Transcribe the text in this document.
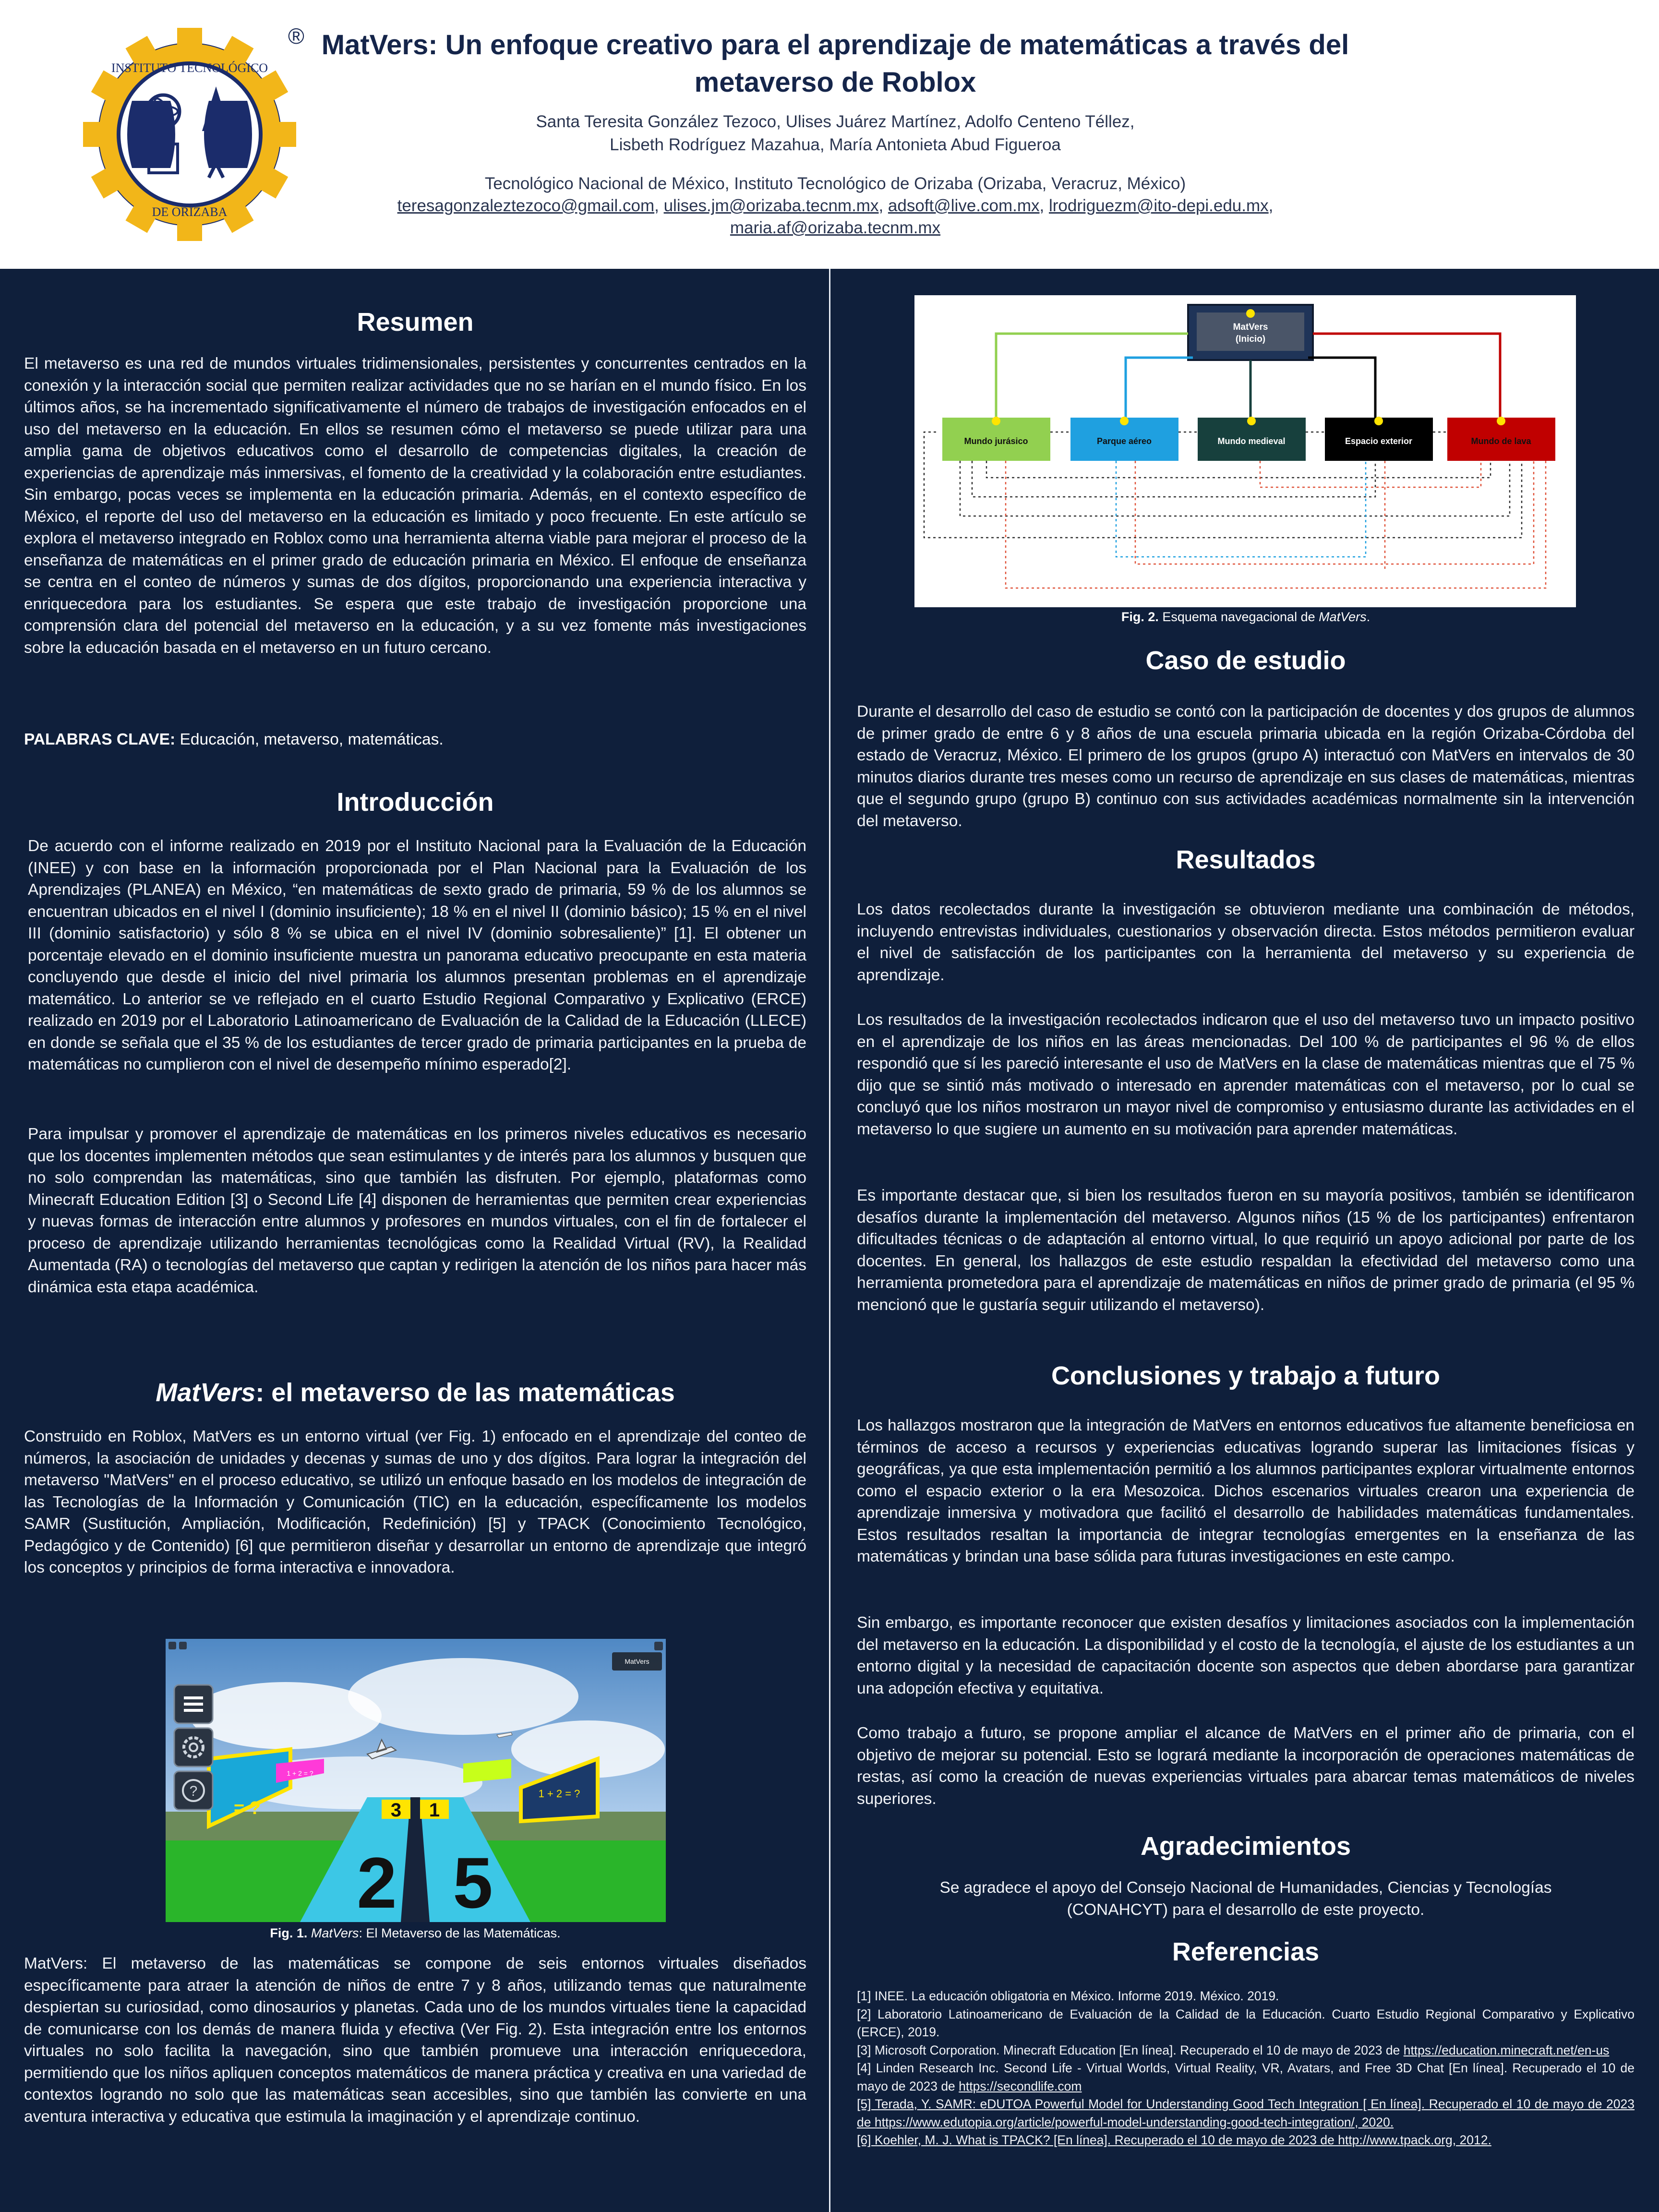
INSTITUTO TECNOLÓGICO
DE ORIZABA
® MatVers: Un enfoque creativo para el aprendizaje de matemáticas a través del metaverso de Roblox
Santa Teresita González Tezoco, Ulises Juárez Martínez, Adolfo Centeno Téllez,
Lisbeth Rodríguez Mazahua, María Antonieta Abud Figueroa
Tecnológico Nacional de México, Instituto Tecnológico de Orizaba (Orizaba, Veracruz, México)
teresagonzaleztezoco@gmail.com, ulises.jm@orizaba.tecnm.mx, adsoft@live.com.mx, lrodriguezm@ito-depi.edu.mx, maria.af@orizaba.tecnm.mx
Resumen

El metaverso es una red de mundos virtuales tridimensionales, persistentes y concurrentes centrados en la conexión y la interacción social que permiten realizar actividades que no se harían en el mundo físico. En los últimos años, se ha incrementado significativamente el número de trabajos de investigación enfocados en el uso del metaverso en la educación. En ellos se resumen cómo el metaverso se puede utilizar para una amplia gama de objetivos educativos como el desarrollo de competencias digitales, la creación de experiencias de aprendizaje más inmersivas, el fomento de la creatividad y la colaboración entre estudiantes. Sin embargo, pocas veces se implementa en la educación primaria. Además, en el contexto específico de México, el reporte del uso del metaverso en la educación es limitado y poco frecuente. En este artículo se explora el metaverso integrado en Roblox como una herramienta alterna viable para mejorar el proceso de la enseñanza de matemáticas en el primer grado de educación primaria en México. El enfoque de enseñanza se centra en el conteo de números y sumas de dos dígitos, proporcionando una experiencia interactiva y enriquecedora para los estudiantes. Se espera que este trabajo de investigación proporcione una comprensión clara del potencial del metaverso en la educación, y a su vez fomente más investigaciones sobre la educación basada en el metaverso en un futuro cercano.

PALABRAS CLAVE: Educación, metaverso, matemáticas.
Introducción

De acuerdo con el informe realizado en 2019 por el Instituto Nacional para la Evaluación de la Educación (INEE) y con base en la información proporcionada por el Plan Nacional para la Evaluación de los Aprendizajes (PLANEA) en México, “en matemáticas de sexto grado de primaria, 59 % de los alumnos se encuentran ubicados en el nivel I (dominio insuficiente); 18 % en el nivel II (dominio básico); 15 % en el nivel III (dominio satisfactorio) y sólo 8 % se ubica en el nivel IV (dominio sobresaliente)” [1]. El obtener un porcentaje elevado en el dominio insuficiente muestra un panorama educativo preocupante en esta materia concluyendo que desde el inicio del nivel primaria los alumnos presentan problemas en el aprendizaje matemático. Lo anterior se ve reflejado en el cuarto Estudio Regional Comparativo y Explicativo (ERCE) realizado en 2019 por el Laboratorio Latinoamericano de Evaluación de la Calidad de la Educación (LLECE) en donde se señala que el 35 % de los estudiantes de tercer grado de primaria participantes en la prueba de matemáticas no cumplieron con el nivel de desempeño mínimo esperado[2].

Para impulsar y promover el aprendizaje de matemáticas en los primeros niveles educativos es necesario que los docentes implementen métodos que sean estimulantes y de interés para los alumnos y busquen que no solo comprendan las matemáticas, sino que también las disfruten. Por ejemplo, plataformas como Minecraft Education Edition [3] o Second Life [4] disponen de herramientas que permiten crear experiencias y nuevas formas de interacción entre alumnos y profesores en mundos virtuales, con el fin de fortalecer el proceso de aprendizaje utilizando herramientas tecnológicas como la Realidad Virtual (RV), la Realidad Aumentada (RA) o tecnologías del metaverso que captan y redirigen la atención de los niños para hacer más dinámica esta etapa académica.

MatVers: el metaverso de las matemáticas

Construido en Roblox, MatVers es un entorno virtual (ver Fig. 1) enfocado en el aprendizaje del conteo de números, la asociación de unidades y decenas y sumas de uno y dos dígitos. Para lograr la integración del metaverso "MatVers" en el proceso educativo, se utilizó un enfoque basado en los modelos de integración de las Tecnologías de la Información y Comunicación (TIC) en la educación, específicamente los modelos SAMR (Sustitución, Ampliación, Modificación, Redefinición) [5] y TPACK (Conocimiento Tecnológico, Pedagógico y de Contenido) [6] que permitieron diseñar y desarrollar un entorno de aprendizaje que integró los conceptos y principios de forma interactiva e innovadora.

3 1
2 5
= ?
1 + 2 = ?
1 + 2 = ?
MatVers
?
Fig. 1. MatVers: El Metaverso de las Matemáticas.

MatVers: El metaverso de las matemáticas se compone de seis entornos virtuales diseñados específicamente para atraer la atención de niños de entre 7 y 8 años, utilizando temas que naturalmente despiertan su curiosidad, como dinosaurios y planetas. Cada uno de los mundos virtuales tiene la capacidad de comunicarse con los demás de manera fluida y efectiva (Ver Fig. 2). Esta integración entre los entornos virtuales no solo facilita la navegación, sino que también promueve una interacción enriquecedora, permitiendo que los niños apliquen conceptos matemáticos de manera práctica y creativa en una variedad de contextos logrando no solo que las matemáticas sean accesibles, sino que también las convierte en una aventura interactiva y educativa que estimula la imaginación y el aprendizaje continuo.

MatVers
(Inicio)
Mundo jurásico	Parque aéreo	Mundo medieval	Espacio exterior	Mundo de lava
Fig. 2. Esquema navegacional de MatVers.
Caso de estudio

Durante el desarrollo del caso de estudio se contó con la participación de docentes y dos grupos de alumnos de primer grado de entre 6 y 8 años de una escuela primaria ubicada en la región Orizaba-Córdoba del estado de Veracruz, México. El primero de los grupos (grupo A) interactuó con MatVers en intervalos de 30 minutos diarios durante tres meses como un recurso de aprendizaje en sus clases de matemáticas, mientras que el segundo grupo (grupo B) continuo con sus actividades académicas normalmente sin la intervención del metaverso.

Resultados

Los datos recolectados durante la investigación se obtuvieron mediante una combinación de métodos, incluyendo entrevistas individuales, cuestionarios y observación directa. Estos métodos permitieron evaluar el nivel de satisfacción de los participantes con la herramienta del metaverso y su experiencia de aprendizaje.

Los resultados de la investigación recolectados indicaron que el uso del metaverso tuvo un impacto positivo en el aprendizaje de los niños en las áreas mencionadas. Del 100 % de participantes el 96 % de ellos respondió que sí les pareció interesante el uso de MatVers en la clase de matemáticas mientras que el 75 % dijo que se sintió más motivado o interesado en aprender matemáticas con el metaverso, por lo cual se concluyó que los niños mostraron un mayor nivel de compromiso y entusiasmo durante las actividades en el metaverso lo que sugiere un aumento en su motivación para aprender matemáticas.

Es importante destacar que, si bien los resultados fueron en su mayoría positivos, también se identificaron desafíos durante la implementación del metaverso. Algunos niños (15 % de los participantes) enfrentaron dificultades técnicas o de adaptación al entorno virtual, lo que requirió un apoyo adicional por parte de los docentes. En general, los hallazgos de este estudio respaldan la efectividad del metaverso como una herramienta prometedora para el aprendizaje de matemáticas en niños de primer grado de primaria (el 95 % mencionó que le gustaría seguir utilizando el metaverso).

Conclusiones y trabajo a futuro

Los hallazgos mostraron que la integración de MatVers en entornos educativos fue altamente beneficiosa en términos de acceso a recursos y experiencias educativas logrando superar las limitaciones físicas y geográficas, ya que esta implementación permitió a los alumnos participantes explorar virtualmente entornos como el espacio exterior o la era Mesozoica. Dichos escenarios virtuales crearon una experiencia de aprendizaje inmersiva y motivadora que facilitó el desarrollo de habilidades matemáticas fundamentales. Estos resultados resaltan la importancia de integrar tecnologías emergentes en la enseñanza de las matemáticas y brindan una base sólida para futuras investigaciones en este campo.

Sin embargo, es importante reconocer que existen desafíos y limitaciones asociados con la implementación del metaverso en la educación. La disponibilidad y el costo de la tecnología, el ajuste de los estudiantes a un entorno digital y la necesidad de capacitación docente son aspectos que deben abordarse para garantizar una adopción efectiva y equitativa.

Como trabajo a futuro, se propone ampliar el alcance de MatVers en el primer año de primaria, con el objetivo de mejorar su potencial. Esto se logrará mediante la incorporación de operaciones matemáticas de restas, así como la creación de nuevas experiencias virtuales para abarcar temas matemáticos de niveles superiores.

Agradecimientos

Se agradece el apoyo del Consejo Nacional de Humanidades, Ciencias y Tecnologías (CONAHCYT) para el desarrollo de este proyecto.

Referencias
[1] INEE. La educación obligatoria en México. Informe 2019. México. 2019.
[2] Laboratorio Latinoamericano de Evaluación de la Calidad de la Educación. Cuarto Estudio Regional Comparativo y Explicativo (ERCE), 2019.
[3] Microsoft Corporation. Minecraft Education [En línea]. Recuperado el 10 de mayo de 2023 de https://education.minecraft.net/en-us
[4] Linden Research Inc. Second Life - Virtual Worlds, Virtual Reality, VR, Avatars, and Free 3D Chat [En línea]. Recuperado el 10 de mayo de 2023 de https://secondlife.com
[5] Terada, Y. SAMR: eDUTOA Powerful Model for Understanding Good Tech Integration [ En línea]. Recuperado el 10 de mayo de 2023 de https://www.edutopia.org/article/powerful-model-understanding-good-tech-integration/, 2020.
[6] Koehler, M. J. What is TPACK? [En línea]. Recuperado el 10 de mayo de 2023 de http://www.tpack.org, 2012.
